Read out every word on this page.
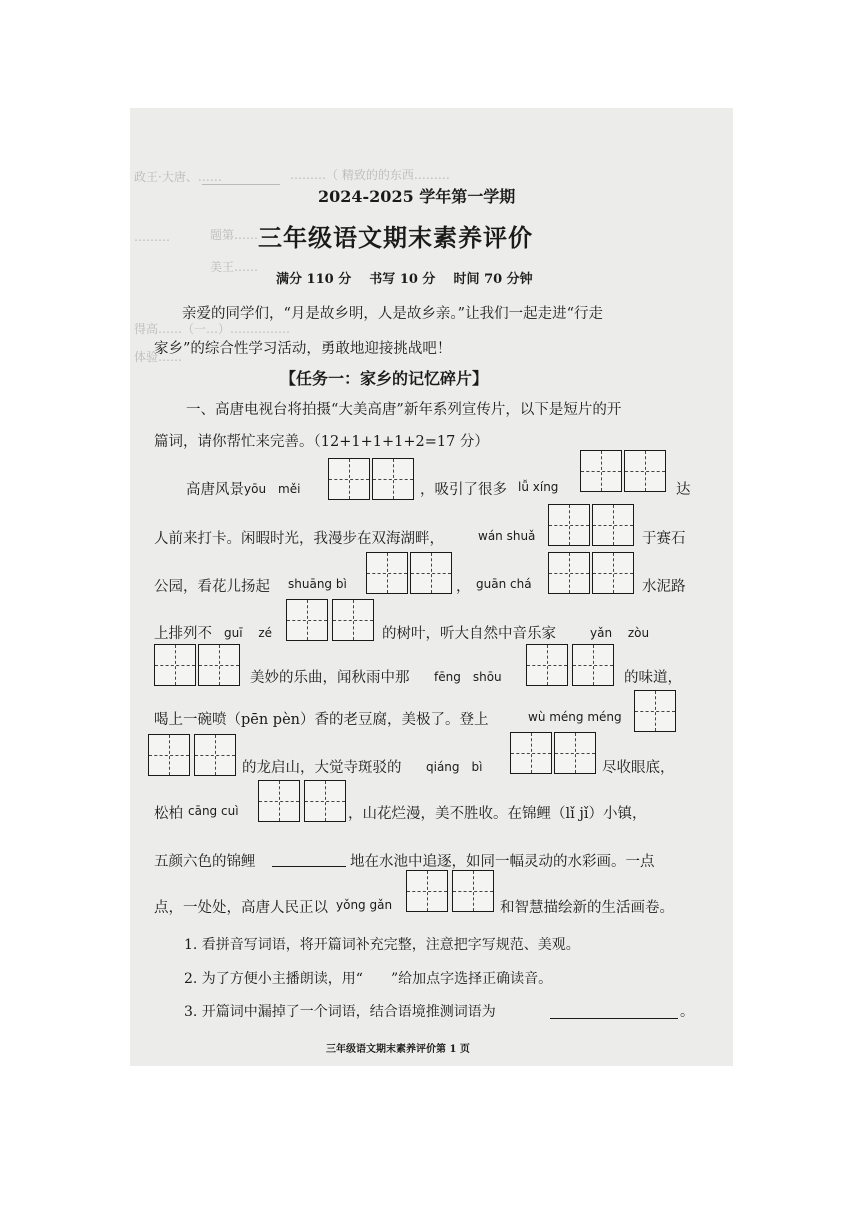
政王·大唐、……	………（ 精致的的东西………
………
美王……
题第……
体验……
得高……（一…）……………
2024-2025 学年第一学期
三年级语文期末素养评价
满分 110 分    书写 10 分    时间 70 分钟
亲爱的同学们，“月是故乡明，人是故乡亲。”让我们一起走进“行走
家乡”的综合性学习活动，勇敢地迎接挑战吧！
【任务一：家乡的记忆碎片】
一、高唐电视台将拍摄“大美高唐”新年系列宣传片，以下是短片的开
篇词，请你帮忙来完善。（12+1+1+1+2=17 分）
高唐风景 yōu　měi	，吸引了很多 lǚ xíng	达
人前来打卡。闲暇时光，我漫步在双海湖畔，	wán shuǎ	于赛石
公园，看花儿扬起 shuāng bì	， guān chá	水泥路
上排列不 guī　 zé	的树叶，听大自然中音乐家	yǎn　 zòu
美妙的乐曲，闻秋雨中那 fēng　shōu	的味道，
喝上一碗喷（pēn pèn）香的老豆腐，美极了。登上	wù méng méng
的龙启山，大觉寺斑驳的 qiáng　bì	尽收眼底，
松柏 cāng cuì	，山花烂漫，美不胜收。在锦鲤（lǐ jǐ）小镇，
五颜六色的锦鲤	地在水池中追逐，如同一幅灵动的水彩画。一点
点，一处处，高唐人民正以 yǒng gǎn	和智慧描绘新的生活画卷。
1. 看拼音写词语，将开篇词补充完整，注意把字写规范、美观。
2. 为了方便小主播朗读，用“　　”给加点字选择正确读音。
3. 开篇词中漏掉了一个词语，结合语境推测词语为	。
三年级语文期末素养评价第 1 页
